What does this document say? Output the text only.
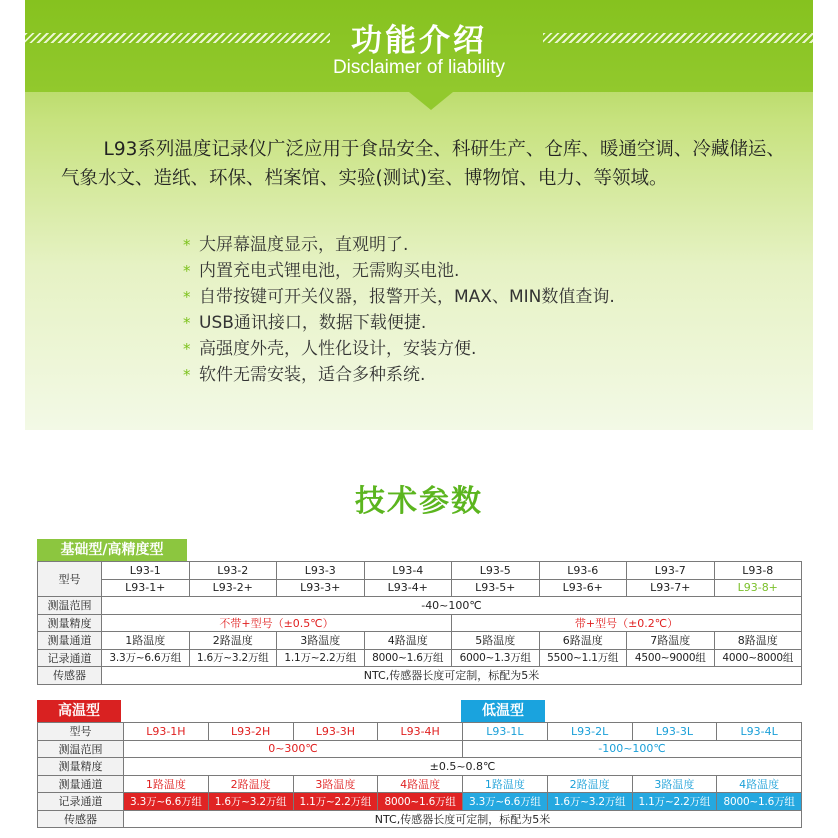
功能介绍
Disclaimer of liability

L93系列温度记录仪广泛应用于食品安全、科研生产、仓库、暖通空调、冷藏储运、气象水文、造纸、环保、档案馆、实验(测试)室、博物馆、电力、等领域。

* 大屏幕温度显示，直观明了.
* 内置充电式锂电池，无需购买电池.
* 自带按键可开关仪器，报警开关，MAX、MIN数值查询.
* USB通讯接口，数据下载便捷.
* 高强度外壳，人性化设计，安装方便.
* 软件无需安装，适合多种系统.
技术参数
基础型/高精度型
型号	L93-1	L93-2	L93-3	L93-4	L93-5	L93-6	L93-7	L93-8
	L93-1+	L93-2+	L93-3+	L93-4+	L93-5+	L93-6+	L93-7+	L93-8+
测温范围	-40~100℃							
测量精度	不带+型号（±0.5℃）				带+型号（±0.2℃）			
测量通道	1路温度	2路温度	3路温度	4路温度	5路温度	6路温度	7路温度	8路温度
记录通道	3.3万~6.6万组	1.6万~3.2万组	1.1万~2.2万组	8000~1.6万组	6000~1.3万组	5500~1.1万组	4500~9000组	4000~8000组
传感器	NTC,传感器长度可定制，标配为5米							
高温型	低温型
型号	L93-1H	L93-2H	L93-3H	L93-4H	L93-1L	L93-2L	L93-3L	L93-4L
测温范围	0~300℃				-100~100℃			
测量精度	±0.5~0.8℃							
测量通道	1路温度	2路温度	3路温度	4路温度	1路温度	2路温度	3路温度	4路温度
记录通道	3.3万~6.6万组	1.6万~3.2万组	1.1万~2.2万组	8000~1.6万组	3.3万~6.6万组	1.6万~3.2万组	1.1万~2.2万组	8000~1.6万组
传感器	NTC,传感器长度可定制，标配为5米							
